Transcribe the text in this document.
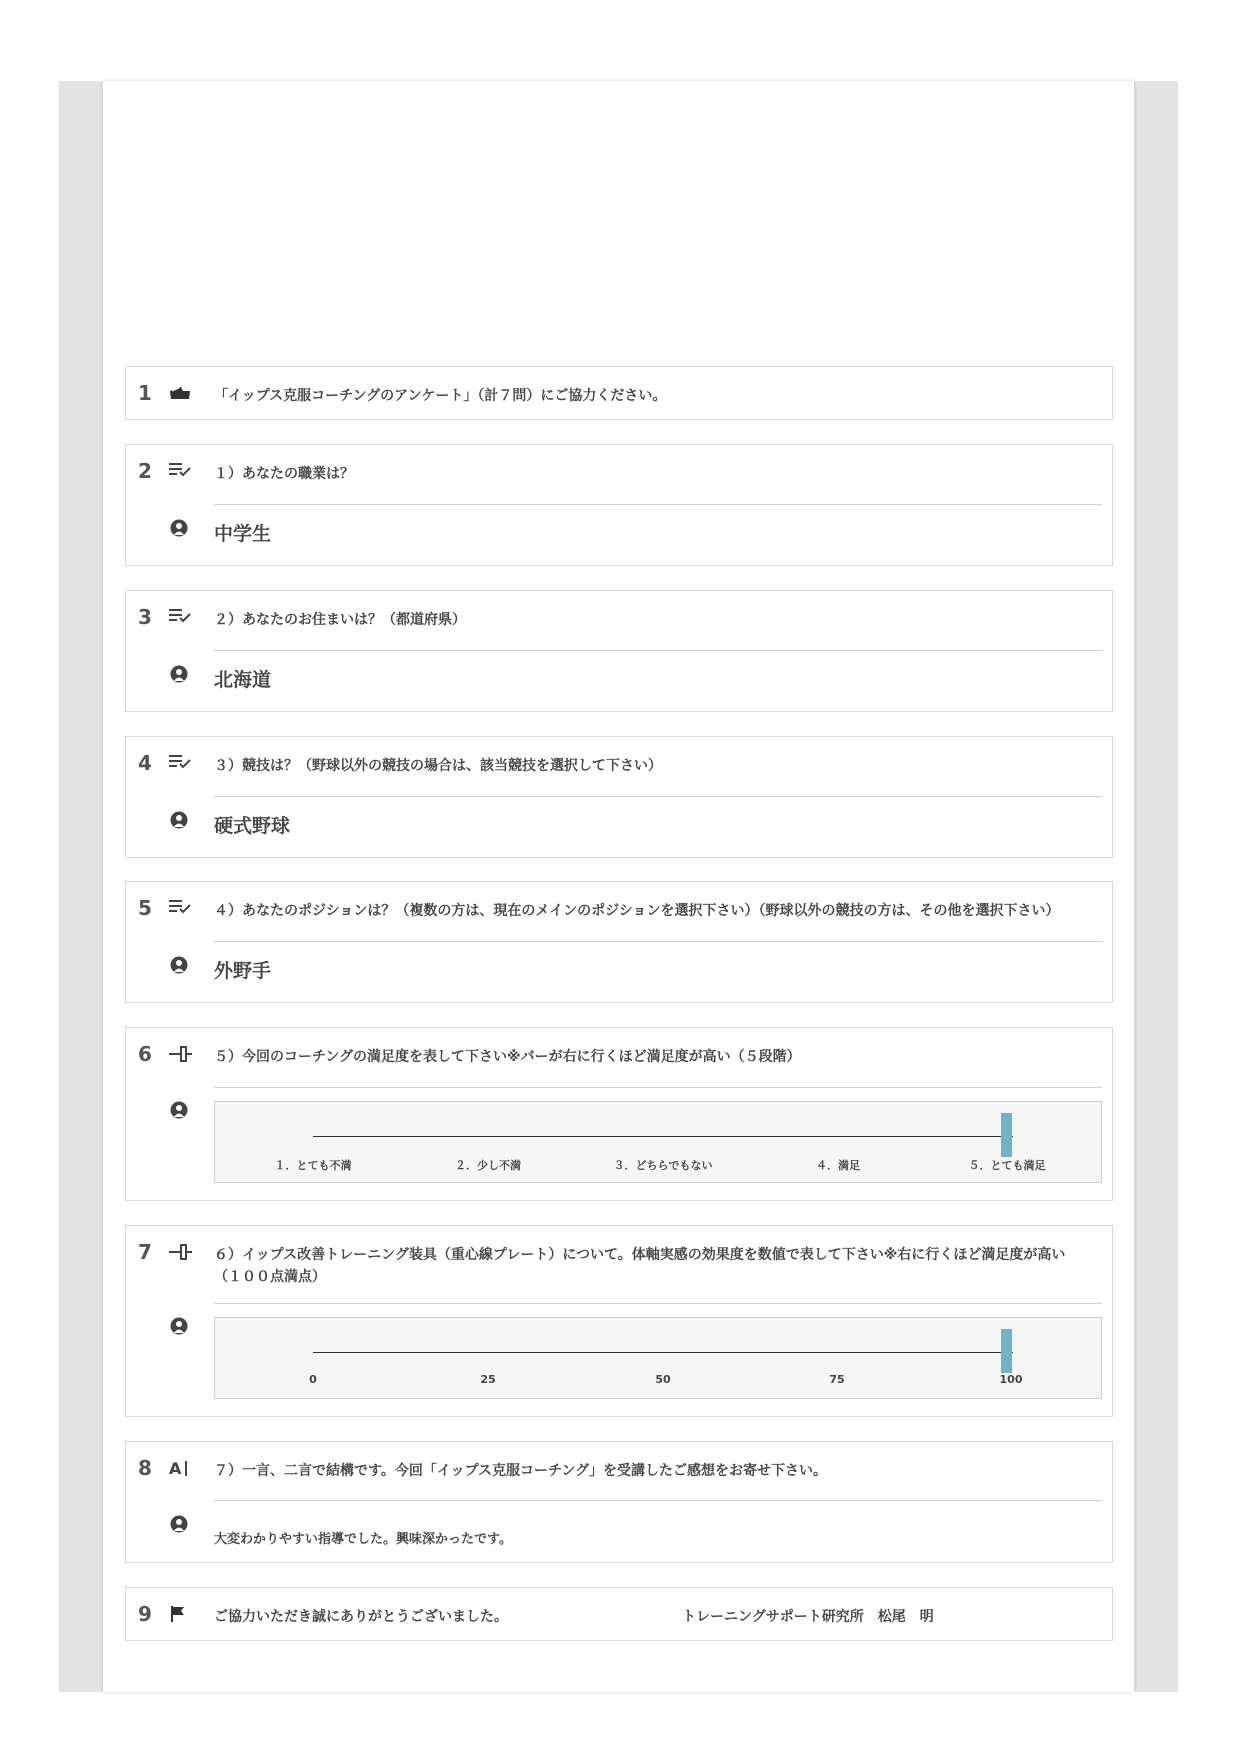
1	「イップス克服コーチングのアンケート」（計７問）にご協力ください。
2	１）あなたの職業は？
中学生
3	２）あなたのお住まいは？（都道府県）
北海道
4	３）競技は？（野球以外の競技の場合は、該当競技を選択して下さい）
硬式野球
5	４）あなたのポジションは？（複数の方は、現在のメインのポジションを選択下さい）（野球以外の競技の方は、その他を選択下さい）
外野手
6	５）今回のコーチングの満足度を表して下さい※バーが右に行くほど満足度が高い（５段階）
１．とても不満	２．少し不満	３．どちらでもない	４．満足	５．とても満足
7	６）イップス改善トレーニング装具（重心線プレート）について。体軸実感の効果度を数値で表して下さい※右に行くほど満足度が高い（１００点満点）
0	25	50	75	100
8 A ７）一言、二言で結構です。今回「イップス克服コーチング」を受講したご感想をお寄せ下さい。
大変わかりやすい指導でした。興味深かったです。
9	ご協力いただき誠にありがとうございました。	トレーニングサポート研究所　松尾　明
